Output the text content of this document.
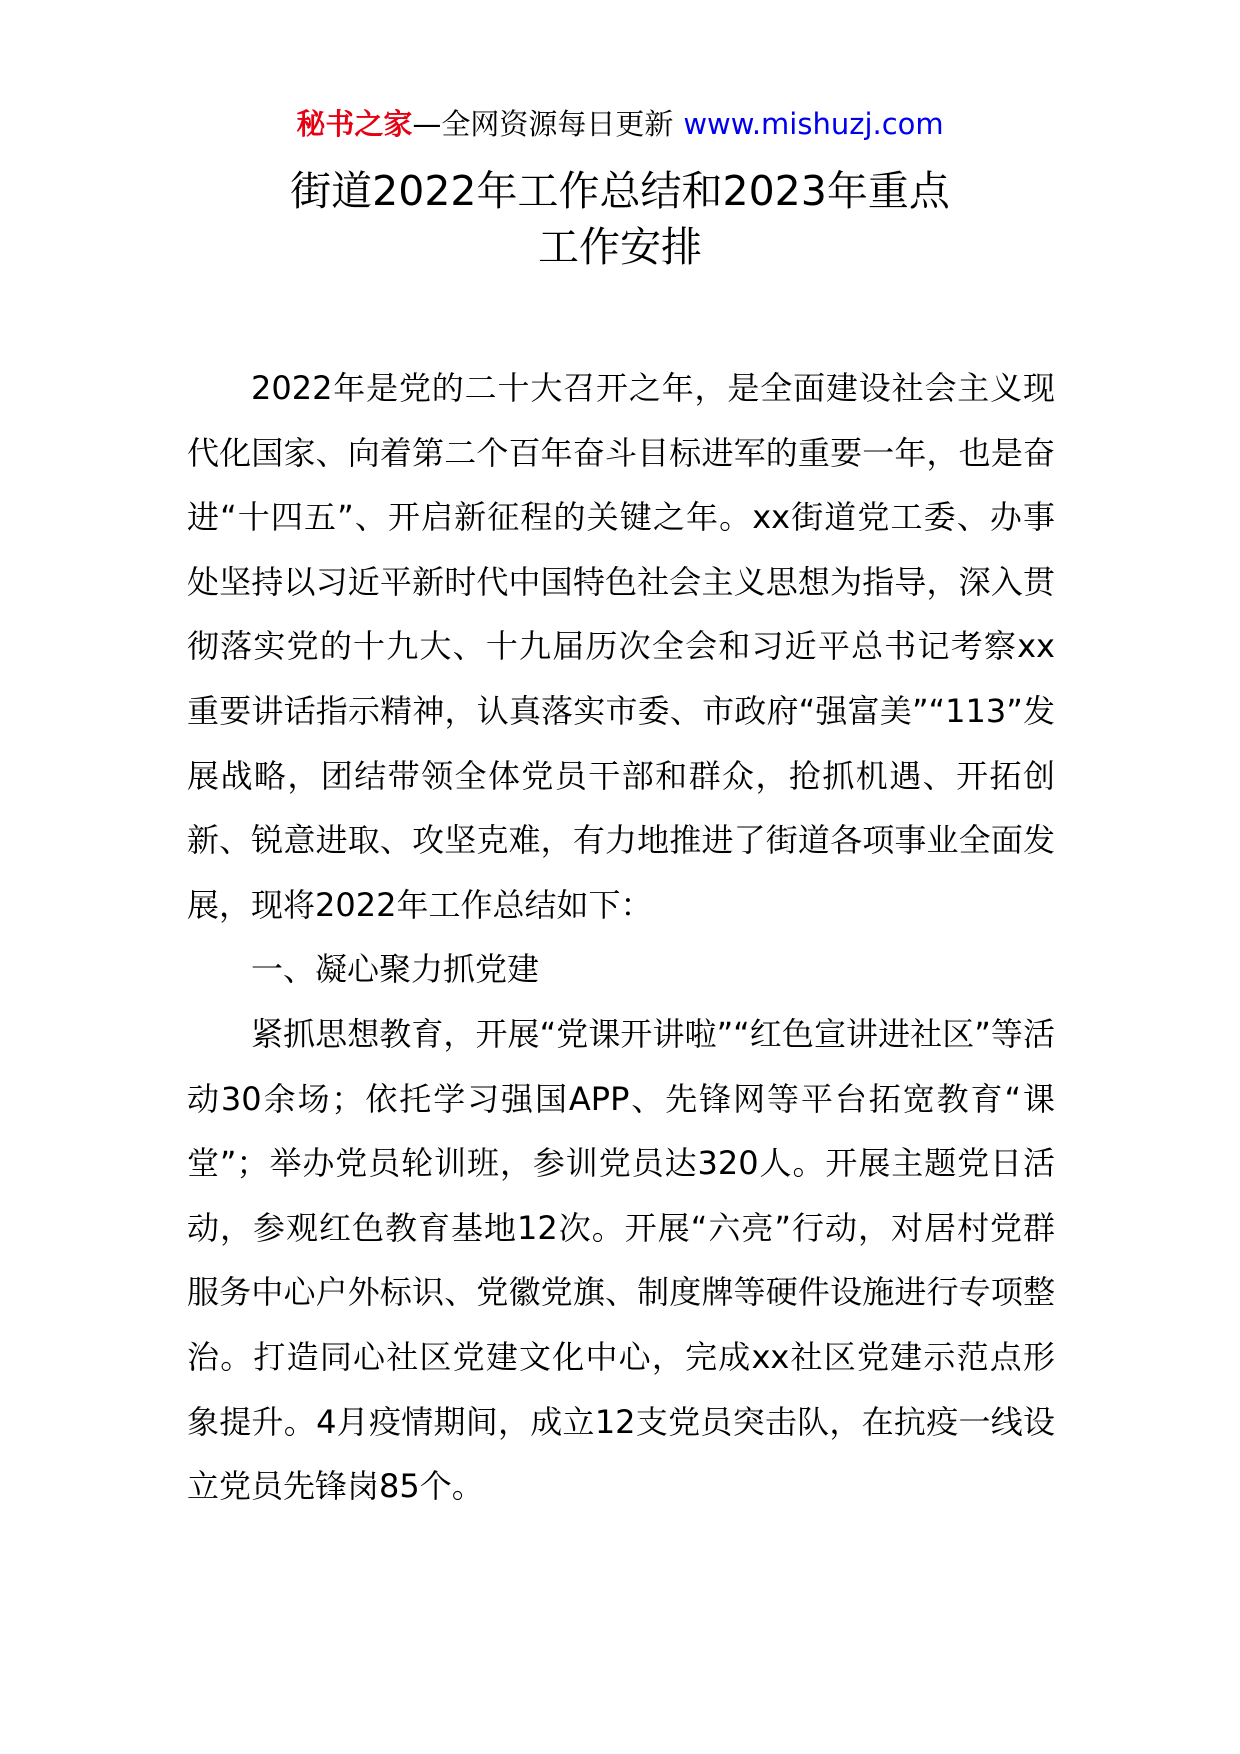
秘书之家—全网资源每日更新 www.mishuzj.com
街道2022年工作总结和2023年重点
工作安排

2022年是党的二十大召开之年，是全面建设社会主义现代化国家、向着第二个百年奋斗目标进军的重要一年，也是奋进“十四五”、开启新征程的关键之年。xx街道党工委、办事处坚持以习近平新时代中国特色社会主义思想为指导，深入贯彻落实党的十九大、十九届历次全会和习近平总书记考察xx重要讲话指示精神，认真落实市委、市政府“强富美”“113”发展战略，团结带领全体党员干部和群众，抢抓机遇、开拓创新、锐意进取、攻坚克难，有力地推进了街道各项事业全面发展，现将2022年工作总结如下：

一、凝心聚力抓党建

紧抓思想教育，开展“党课开讲啦”“红色宣讲进社区”等活动30余场；依托学习强国APP、先锋网等平台拓宽教育“课堂”；举办党员轮训班，参训党员达320人。开展主题党日活动，参观红色教育基地12次。开展“六亮”行动，对居村党群服务中心户外标识、党徽党旗、制度牌等硬件设施进行专项整治。打造同心社区党建文化中心，完成xx社区党建示范点形象提升。4月疫情期间，成立12支党员突击队，在抗疫一线设立党员先锋岗85个。
